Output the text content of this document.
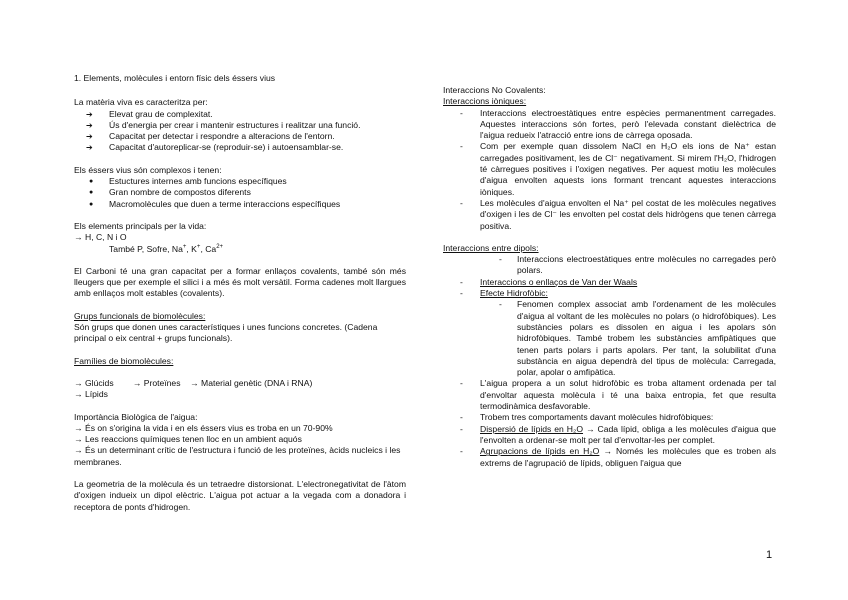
1. Elements, molècules i entorn físic dels éssers vius

La matèria viva es caracteritza per:

➔ Elevat grau de complexitat.
➔ Ús d'energia per crear i mantenir estructures i realitzar una funció.
➔ Capacitat per detectar i respondre a alteracions de l'entorn.
➔ Capacitat d'autoreplicar-se (reproduir-se) i autoensamblar-se.

Els éssers vius són complexos i tenen:

● Estuctures internes amb funcions específiques
● Gran nombre de compostos diferents
● Macromolècules que duen a terme interaccions específiques

Els elements principals per la vida:

→ H, C, N i O

També P, Sofre, Na+, K+, $Ca^{2+}$

El Carboni té una gran capacitat per a formar enllaços covalents, també són més lleugers que per exemple el silici i a més és molt versàtil. Forma cadenes molt llargues amb enllaços molt estables (covalents).

Grups funcionals de biomolècules:

Són grups que donen unes característiques i unes funcions concretes. (Cadena principal o eix central + grups funcionals).

Famílies de biomolècules:

→ Glúcids        → Proteïnes    → Material genètic (DNA i RNA)

→ Lípids

Importància Biològica de l'aigua:

→ És on s'origina la vida i en els éssers vius es troba en un 70-90%

→ Les reaccions químiques tenen lloc en un ambient aquós

→ És un determinant crític de l'estructura i funció de les proteïnes, àcids nucleics i les membranes.

La geometria de la molècula és un tetraedre distorsionat. L'electronegativitat de l'àtom d'oxigen indueix un dipol elèctric. L'aigua pot actuar a la vegada com a donadora i receptora de ponts d'hidrogen.

Interaccions No Covalents:

Interaccions iòniques:

- Interaccions electroestàtiques entre espècies permanentment carregades. Aquestes interaccions són fortes, però l'elevada constant dielèctrica de l'aigua redueix l'atracció entre ions de càrrega oposada.
- Com per exemple quan dissolem NaCl en H₂O els ions de Na⁺ estan carregades positivament, les de Cl⁻ negativament. Si mirem l'H₂O, l'hidrogen té càrregues positives i l'oxigen negatives. Per aquest motiu les molècules d'aigua envolten aquests ions formant trencant aquestes interaccions iòniques.
- Les molècules d'aigua envolten el Na⁺ pel costat de les molècules negatives d'oxigen i les de Cl⁻ les envolten pel costat dels hidrògens que tenen càrrega positiva.

Interaccions entre dipols:

- Interaccions electroestàtiques entre molècules no carregades però polars.
- Interaccions o enllaços de Van der Waals
- Efecte Hidrofòbic:
- Fenomen complex associat amb l'ordenament de les molècules d'aigua al voltant de les molècules no polars (o hidrofòbiques). Les substàncies polars es dissolen en aigua i les apolars són hidrofòbiques. També trobem les substàncies amfipàtiques que tenen parts polars i parts apolars. Per tant, la solubilitat d'una substància en aigua dependrà del tipus de molècula: Carregada, polar, apolar o amfipàtica.
- L'aigua propera a un solut hidrofòbic es troba altament ordenada per tal d'envoltar aquesta molècula i té una baixa entropia, fet que resulta termodinàmica desfavorable.
- Trobem tres comportaments davant molècules hidrofòbiques:
- Dispersió de lípids en H₂O → Cada lípid, obliga a les molècules d'aigua que l'envolten a ordenar-se molt per tal d'envoltar-les per complet.
- Agrupacions de lípids en H₂O → Només les molècules que es troben als extrems de l'agrupació de lípids, obliguen l'aigua que
1
